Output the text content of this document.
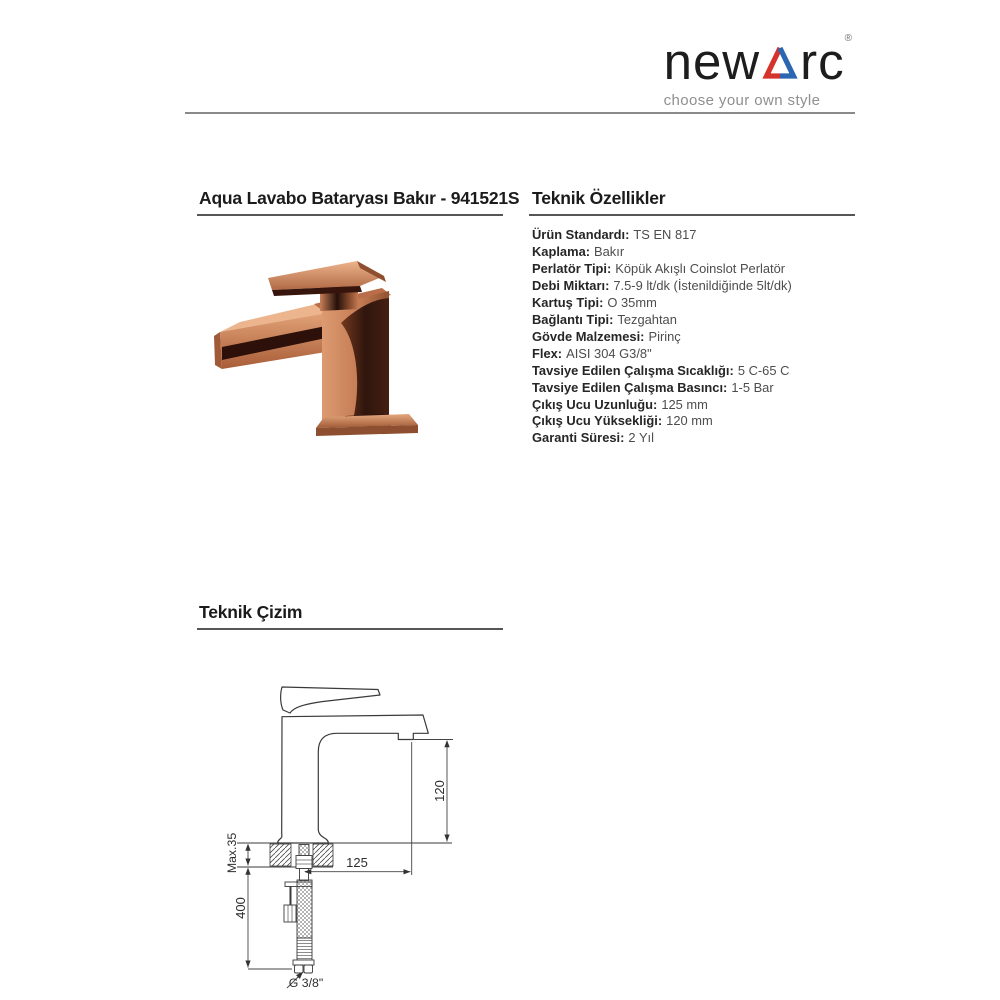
new rc®
choose your own style
Aqua Lavabo Bataryası Bakır - 941521S Teknik Özellikler
Ürün Standardı: TS EN 817
Kaplama: Bakır
Perlatör Tipi: Köpük Akışlı Coinslot Perlatör
Debi Miktarı: 7.5-9 lt/dk (İstenildiğinde 5lt/dk)
Kartuş Tipi: O 35mm
Bağlantı Tipi: Tezgahtan
Gövde Malzemesi: Pirinç
Flex: AISI 304 G3/8"
Tavsiye Edilen Çalışma Sıcaklığı: 5 C-65 C
Tavsiye Edilen Çalışma Basıncı: 1-5 Bar
Çıkış Ucu Uzunluğu: 125 mm
Çıkış Ucu Yüksekliği: 120 mm
Garanti Süresi: 2 Yıl
Teknik Çizim
120
125
Max.35
400
G 3/8"
